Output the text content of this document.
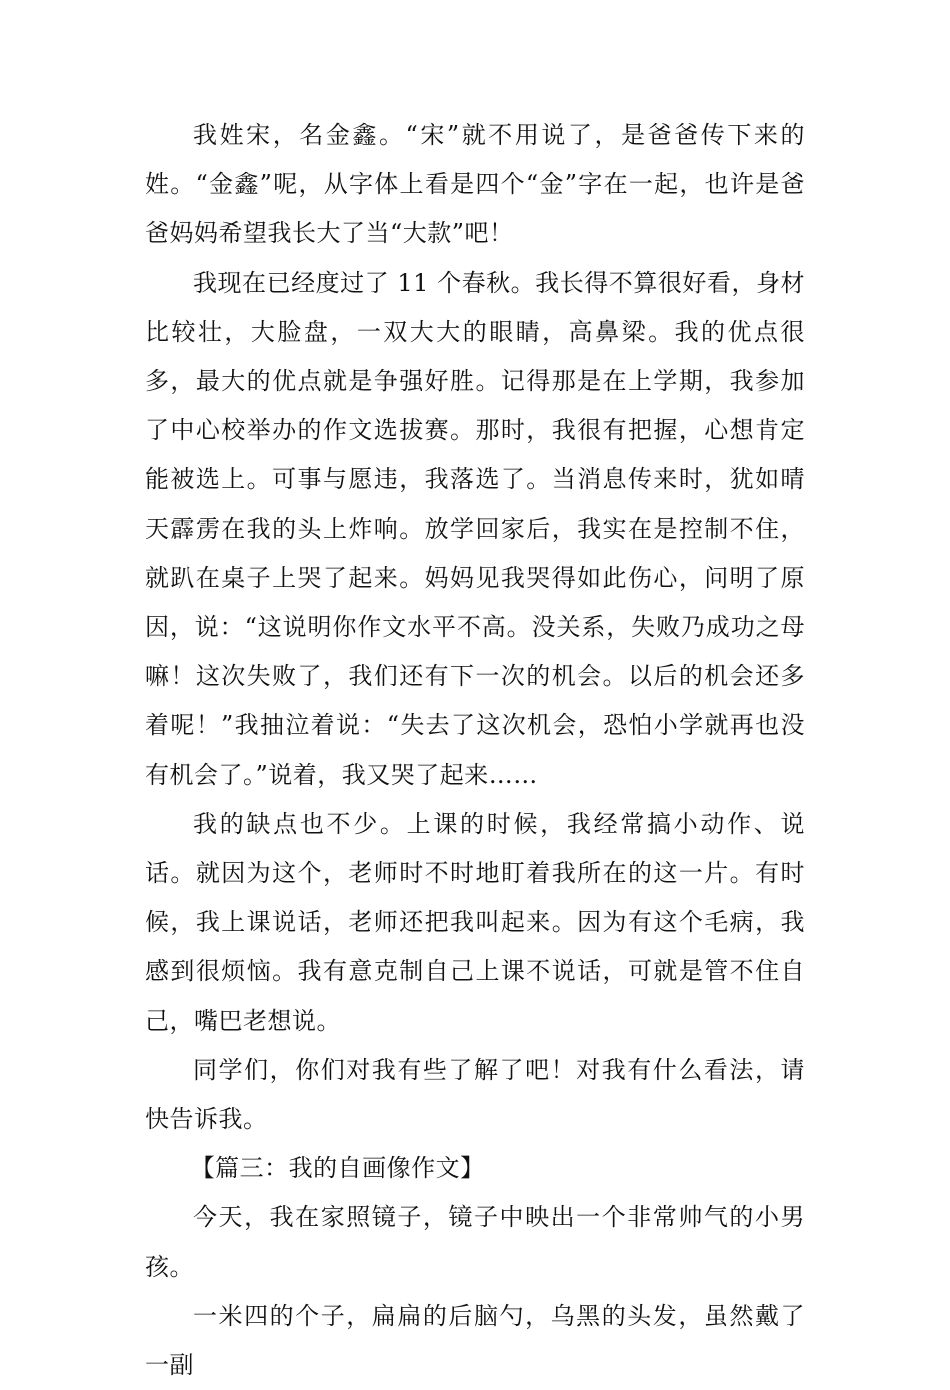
我姓宋，名金鑫。“宋”就不用说了，是爸爸传下来的姓。“金鑫”呢，从字体上看是四个“金”字在一起，也许是爸爸妈妈希望我长大了当“大款”吧！

我现在已经度过了 11 个春秋。我长得不算很好看，身材比较壮，大脸盘，一双大大的眼睛，高鼻梁。我的优点很多，最大的优点就是争强好胜。记得那是在上学期，我参加了中心校举办的作文选拔赛。那时，我很有把握，心想肯定能被选上。可事与愿违，我落选了。当消息传来时，犹如晴天霹雳在我的头上炸响。放学回家后，我实在是控制不住，就趴在桌子上哭了起来。妈妈见我哭得如此伤心，问明了原因，说：“这说明你作文水平不高。没关系，失败乃成功之母嘛！这次失败了，我们还有下一次的机会。以后的机会还多着呢！”我抽泣着说：“失去了这次机会，恐怕小学就再也没有机会了。”说着，我又哭了起来……

我的缺点也不少。上课的时候，我经常搞小动作、说话。就因为这个，老师时不时地盯着我所在的这一片。有时候，我上课说话，老师还把我叫起来。因为有这个毛病，我感到很烦恼。我有意克制自己上课不说话，可就是管不住自己，嘴巴老想说。

同学们，你们对我有些了解了吧！对我有什么看法，请快告诉我。

【篇三：我的自画像作文】

今天，我在家照镜子，镜子中映出一个非常帅气的小男孩。

一米四的个子，扁扁的后脑勺，乌黑的头发，虽然戴了一副
